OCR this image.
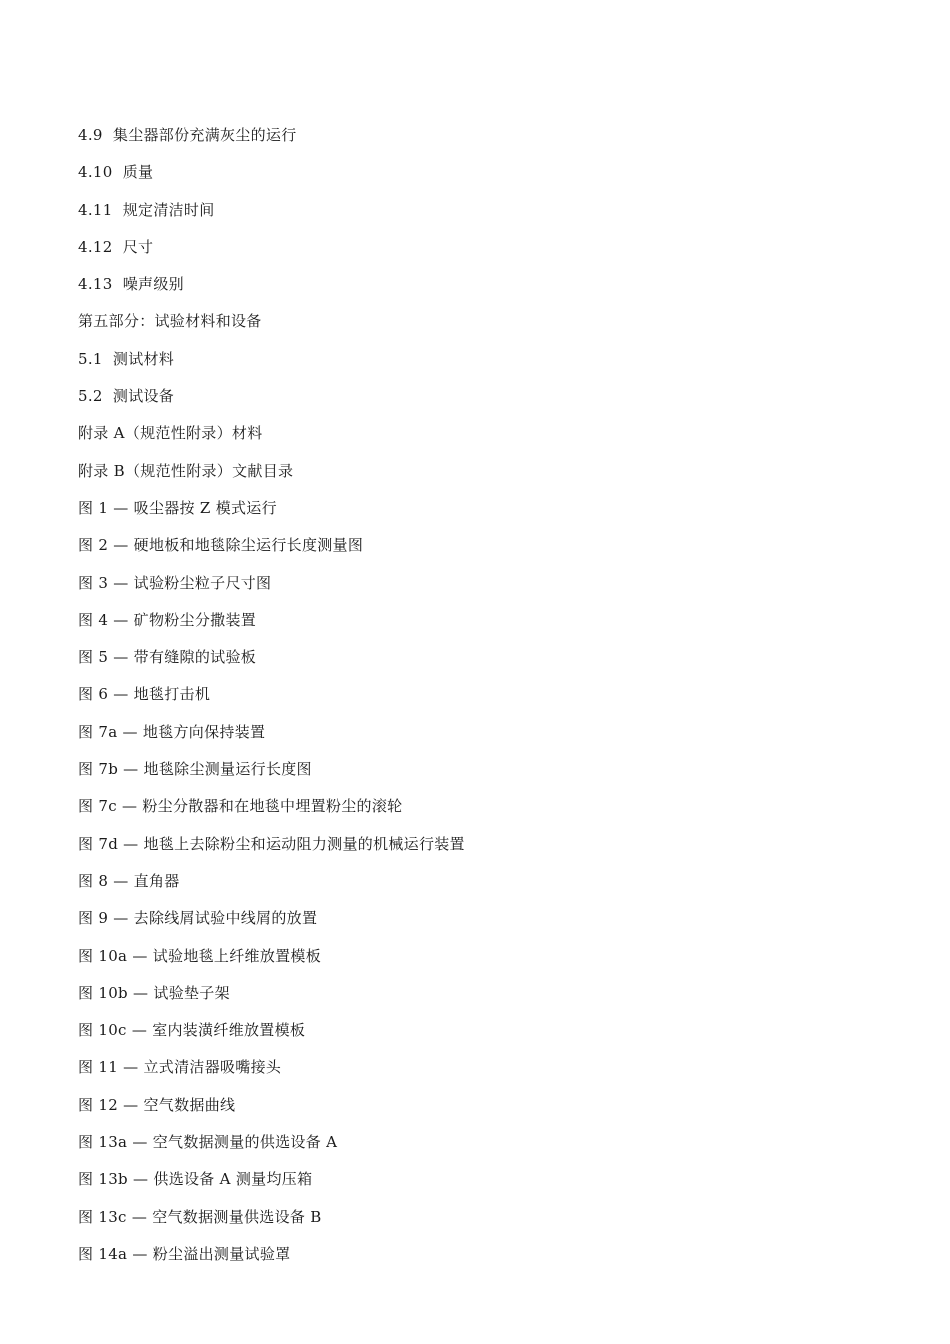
4.9  集尘器部份充满灰尘的运行
4.10  质量
4.11  规定清洁时间
4.12  尺寸
4.13  噪声级别
第五部分：试验材料和设备
5.1  测试材料
5.2  测试设备
附录 A（规范性附录）材料
附录 B（规范性附录）文献目录
图 1 — 吸尘器按 Z 模式运行
图 2 — 硬地板和地毯除尘运行长度测量图
图 3 — 试验粉尘粒子尺寸图
图 4 — 矿物粉尘分撒装置
图 5 — 带有缝隙的试验板
图 6 — 地毯打击机
图 7a — 地毯方向保持装置
图 7b — 地毯除尘测量运行长度图
图 7c — 粉尘分散器和在地毯中埋置粉尘的滚轮
图 7d — 地毯上去除粉尘和运动阻力测量的机械运行装置
图 8 — 直角器
图 9 — 去除线屑试验中线屑的放置
图 10a — 试验地毯上纤维放置模板
图 10b — 试验垫子架
图 10c — 室内装潢纤维放置模板
图 11 — 立式清洁器吸嘴接头
图 12 — 空气数据曲线
图 13a — 空气数据测量的供选设备 A
图 13b — 供选设备 A 测量均压箱
图 13c — 空气数据测量供选设备 B
图 14a — 粉尘溢出测量试验罩
